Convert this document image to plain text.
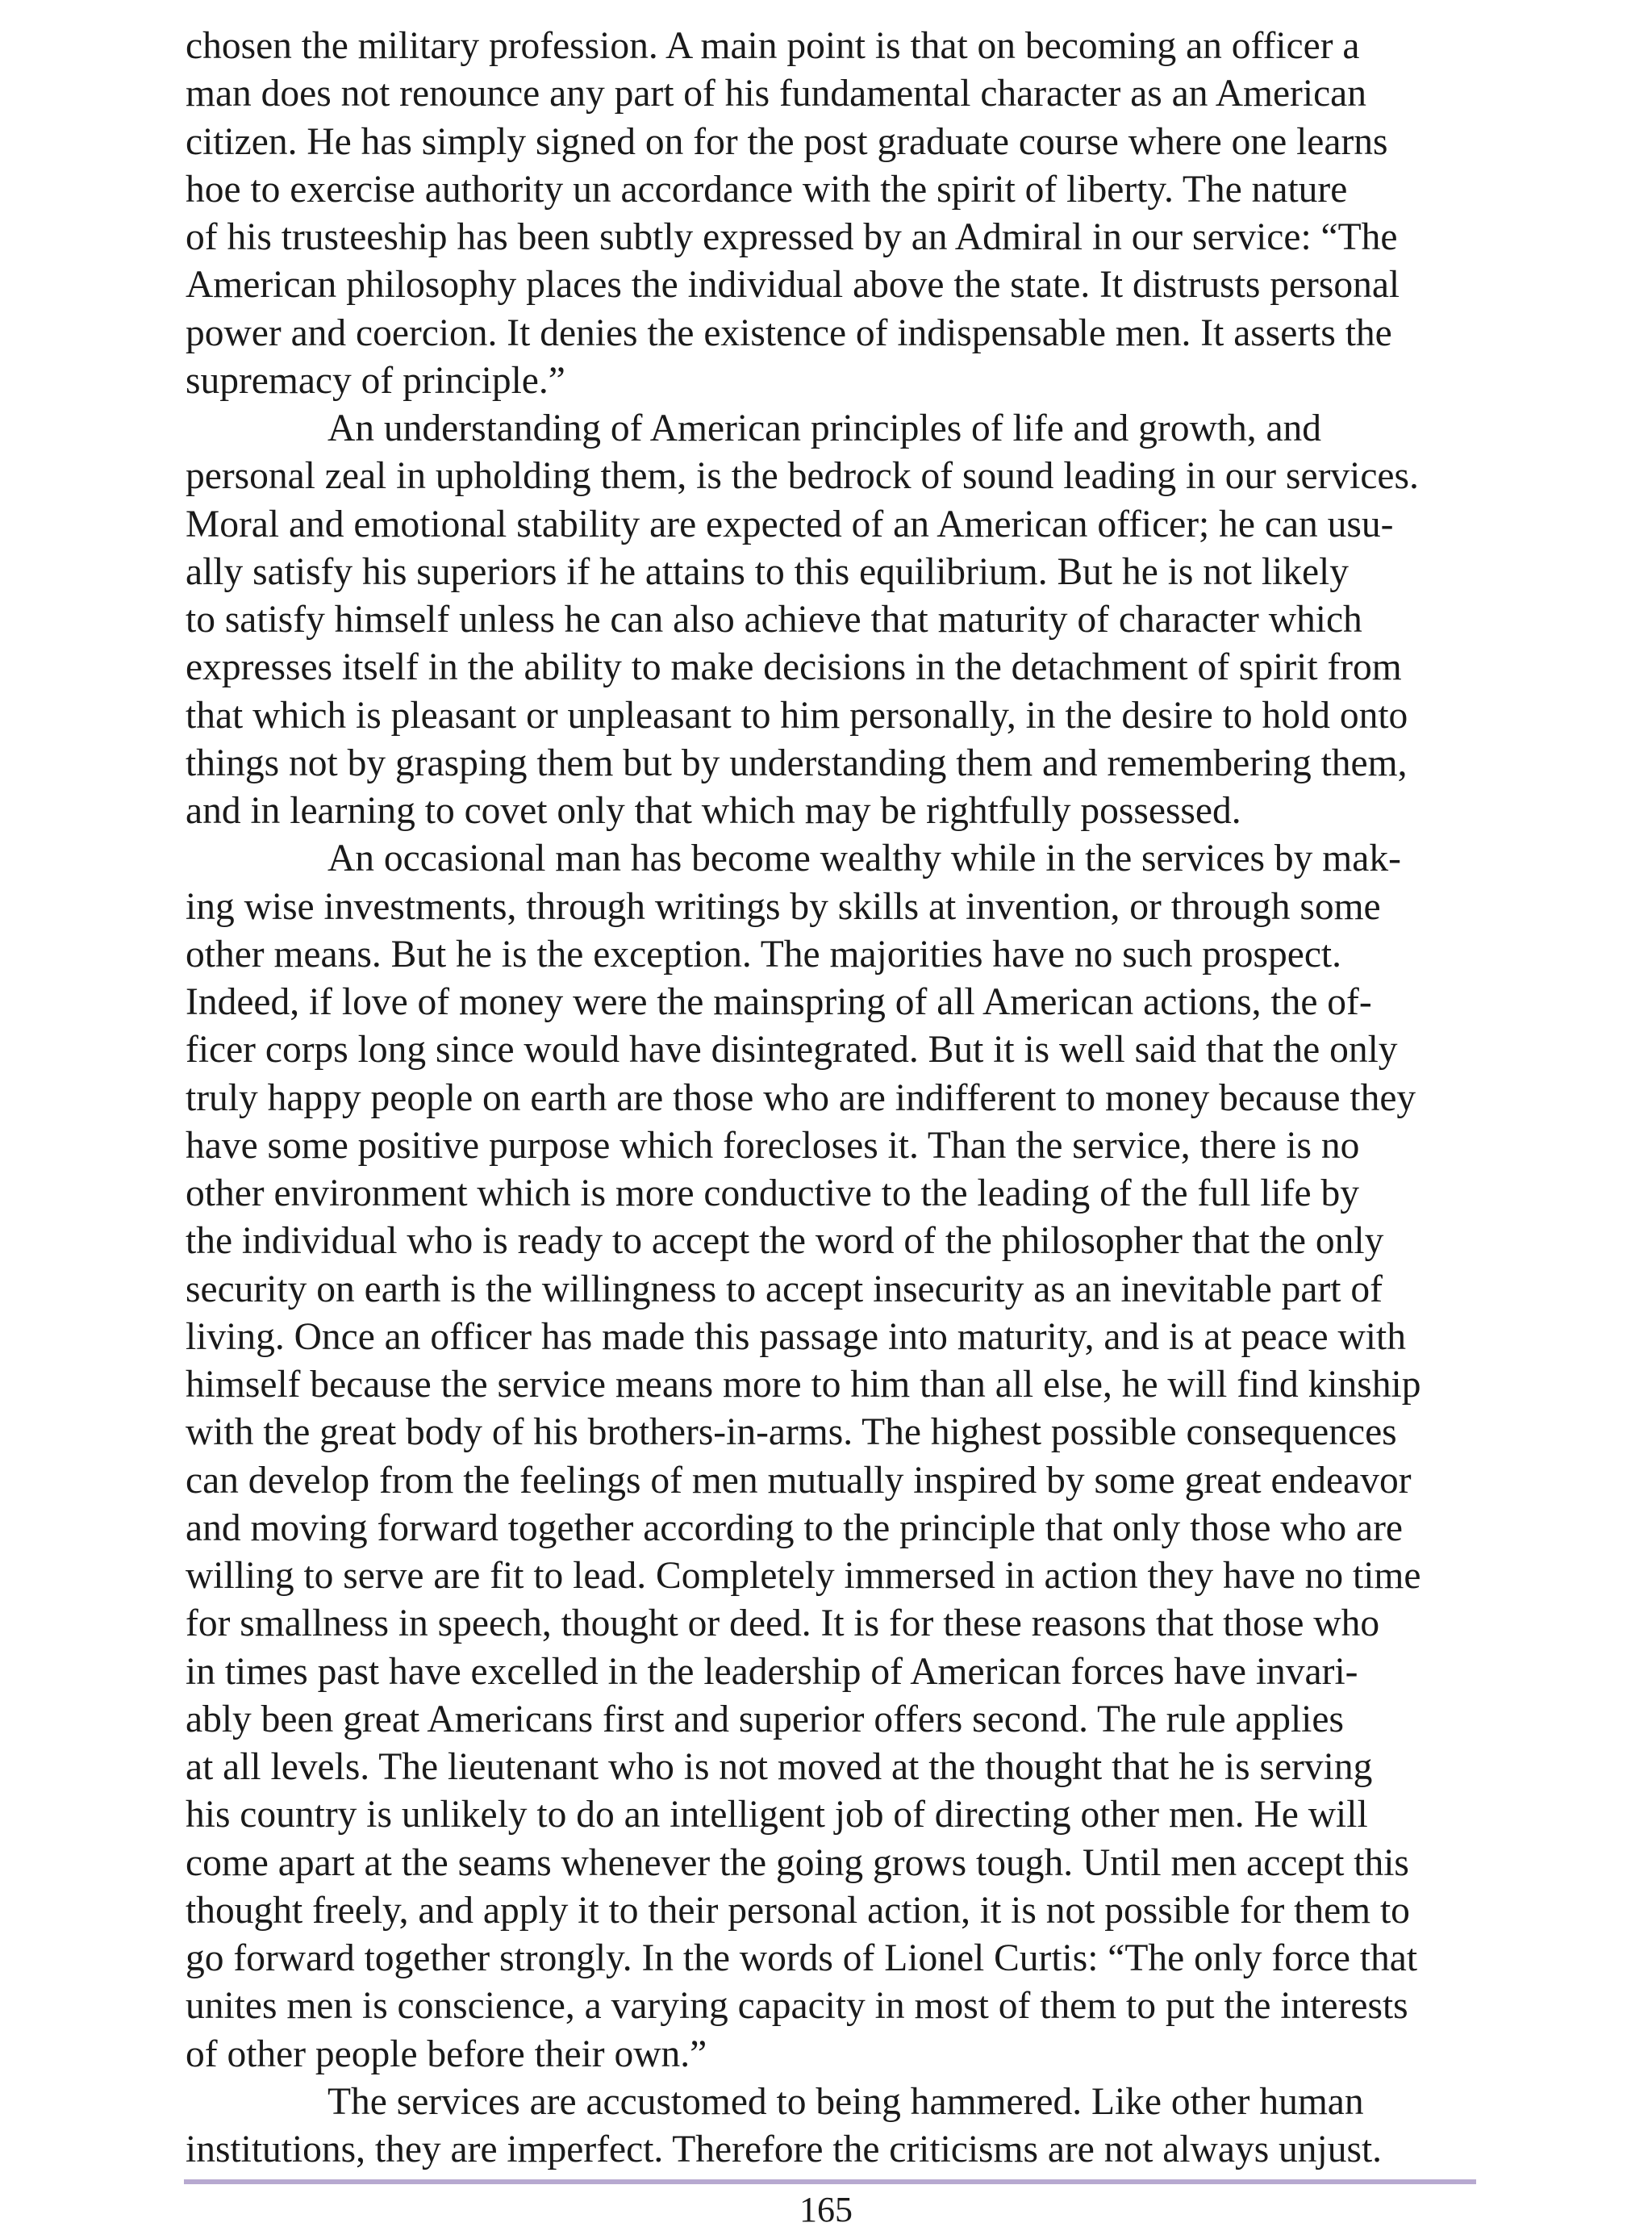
chosen the military profession. A main point is that on becoming an officer a
man does not renounce any part of his fundamental character as an American
citizen. He has simply signed on for the post graduate course where one learns
hoe to exercise authority un accordance with the spirit of liberty. The nature
of his trusteeship has been subtly expressed by an Admiral in our service: “The
American philosophy places the individual above the state. It distrusts personal
power and coercion. It denies the existence of indispensable men. It asserts the
supremacy of principle.”
An understanding of American principles of life and growth, and
personal zeal in upholding them, is the bedrock of sound leading in our services.
Moral and emotional stability are expected of an American officer; he can usu-
ally satisfy his superiors if he attains to this equilibrium. But he is not likely
to satisfy himself unless he can also achieve that maturity of character which
expresses itself in the ability to make decisions in the detachment of spirit from
that which is pleasant or unpleasant to him personally, in the desire to hold onto
things not by grasping them but by understanding them and remembering them,
and in learning to covet only that which may be rightfully possessed.
An occasional man has become wealthy while in the services by mak-
ing wise investments, through writings by skills at invention, or through some
other means. But he is the exception. The majorities have no such prospect.
Indeed, if love of money were the mainspring of all American actions, the of-
ficer corps long since would have disintegrated. But it is well said that the only
truly happy people on earth are those who are indifferent to money because they
have some positive purpose which forecloses it. Than the service, there is no
other environment which is more conductive to the leading of the full life by
the individual who is ready to accept the word of the philosopher that the only
security on earth is the willingness to accept insecurity as an inevitable part of
living. Once an officer has made this passage into maturity, and is at peace with
himself because the service means more to him than all else, he will find kinship
with the great body of his brothers-in-arms. The highest possible consequences
can develop from the feelings of men mutually inspired by some great endeavor
and moving forward together according to the principle that only those who are
willing to serve are fit to lead. Completely immersed in action they have no time
for smallness in speech, thought or deed. It is for these reasons that those who
in times past have excelled in the leadership of American forces have invari-
ably been great Americans first and superior offers second. The rule applies
at all levels. The lieutenant who is not moved at the thought that he is serving
his country is unlikely to do an intelligent job of directing other men. He will
come apart at the seams whenever the going grows tough. Until men accept this
thought freely, and apply it to their personal action, it is not possible for them to
go forward together strongly. In the words of Lionel Curtis: “The only force that
unites men is conscience, a varying capacity in most of them to put the interests
of other people before their own.”
The services are accustomed to being hammered. Like other human
institutions, they are imperfect. Therefore the criticisms are not always unjust.
165
